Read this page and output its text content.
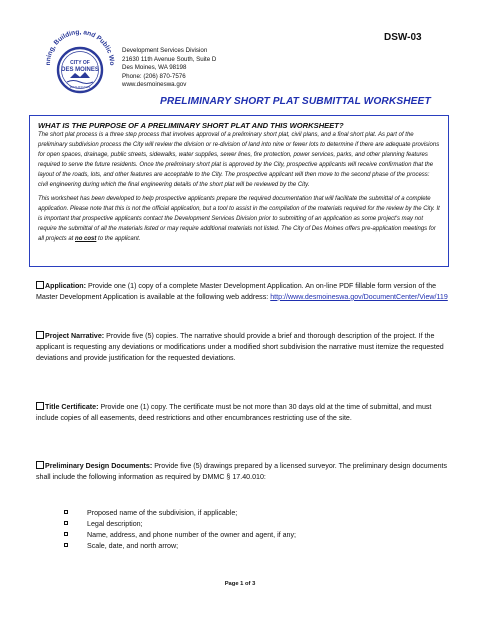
nning, Building, and Public Wo
CITY OF
DES MOINES
WASHINGTON
Development Services Division
21630 11th Avenue South, Suite D
Des Moines, WA 98198
Phone: (206) 870-7576
www.desmoineswa.gov
DSW-03
PRELIMINARY SHORT PLAT SUBMITTAL WORKSHEET
WHAT IS THE PURPOSE OF A PRELIMINARY SHORT PLAT AND THIS WORKSHEET?

The short plat process is a three step process that involves approval of a preliminary short plat, civil plans, and a final short plat. As part of the preliminary subdivision process the City will review the division or re-division of land into nine or fewer lots to determine if there are adequate provisions for open spaces, drainage, public streets, sidewalks, water supplies, sewer lines, fire protection, power services, parks, and other planning features required to serve the future residents. Once the preliminary short plat is approved by the City, prospective applicants will receive confirmation that the layout of the roads, lots, and other features are acceptable to the City. The prospective applicant will then move to the second phase of the process: civil engineering during which the final engineering details of the short plat will be reviewed by the City.

This worksheet has been developed to help prospective applicants prepare the required documentation that will facilitate the submittal of a complete application. Please note that this is not the official application, but a tool to assist in the compilation of the materials required for the review by the City. It is important that prospective applicants contact the Development Services Division prior to submitting of an application as some project's may not require the submittal of all the materials listed or may require additional materials not listed. The City of Des Moines offers pre-application meetings for all projects at no cost to the applicant.

Application: Provide one (1) copy of a complete Master Development Application. An on-line PDF fillable form version of the Master Development Application is available at the following web address: http://www.desmoineswa.gov/DocumentCenter/View/119
Project Narrative: Provide five (5) copies. The narrative should provide a brief and thorough description of the project. If the applicant is requesting any deviations or modifications under a modified short subdivision the narrative must itemize the requested deviations and provide justification for the requested deviations.
Title Certificate: Provide one (1) copy. The certificate must be not more than 30 days old at the time of submittal, and must include copies of all easements, deed restrictions and other encumbrances restricting use of the site.
Preliminary Design Documents: Provide five (5) drawings prepared by a licensed surveyor. The preliminary design documents shall include the following information as required by DMMC § 17.40.010:
Proposed name of the subdivision, if applicable;
Legal description;
Name, address, and phone number of the owner and agent, if any;
Scale, date, and north arrow;
Page 1 of 3
